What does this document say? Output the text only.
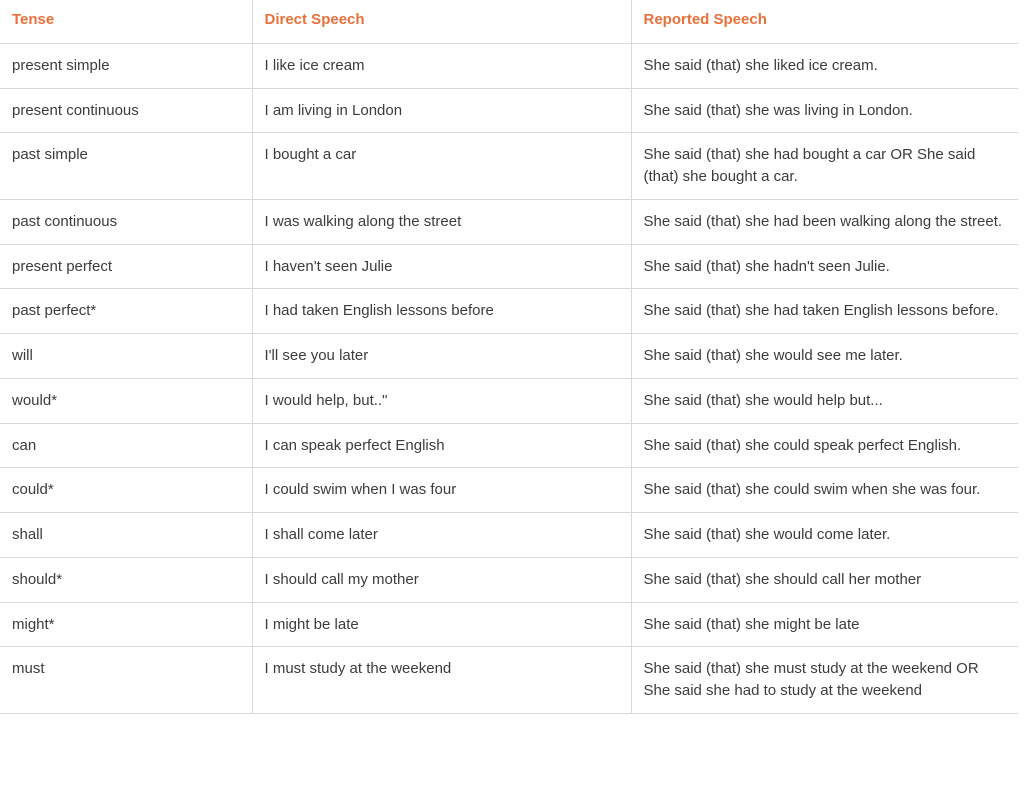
Tense	Direct Speech	Reported Speech
present simple	I like ice cream	She said (that) she liked ice cream.
present continuous	I am living in London	She said (that) she was living in London.
past simple	I bought a car	She said (that) she had bought a car OR She said (that) she bought a car.
past continuous	I was walking along the street	She said (that) she had been walking along the street.
present perfect	I haven't seen Julie	She said (that) she hadn't seen Julie.
past perfect*	I had taken English lessons before	She said (that) she had taken English lessons before.
will	I'll see you later	She said (that) she would see me later.
would*	I would help, but.."	She said (that) she would help but...
can	I can speak perfect English	She said (that) she could speak perfect English.
could*	I could swim when I was four	She said (that) she could swim when she was four.
shall	I shall come later	She said (that) she would come later.
should*	I should call my mother	She said (that) she should call her mother
might*	I might be late	She said (that) she might be late
must	I must study at the weekend	She said (that) she must study at the weekend OR She said she had to study at the weekend
